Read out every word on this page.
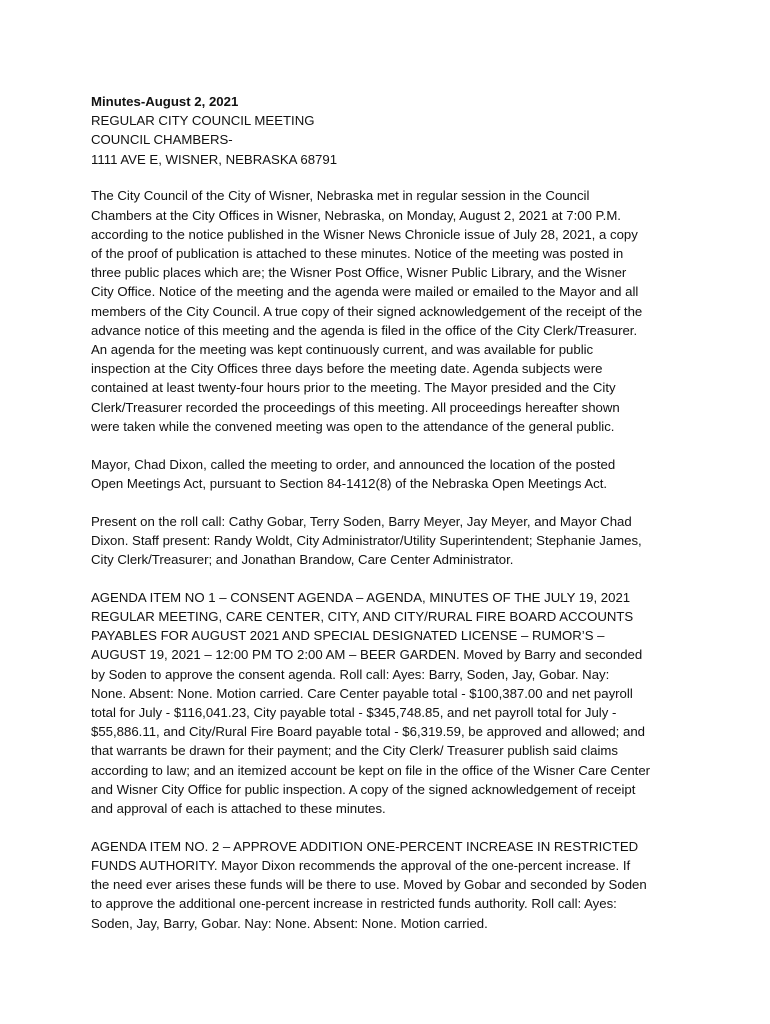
Minutes-August 2, 2021

REGULAR CITY COUNCIL MEETING

COUNCIL CHAMBERS-

1111 AVE E, WISNER, NEBRASKA 68791

The City Council of the City of Wisner, Nebraska met in regular session in the Council

Chambers at the City Offices in Wisner, Nebraska, on Monday, August 2, 2021 at 7:00 P.M.

according to the notice published in the Wisner News Chronicle issue of July 28, 2021, a copy

of the proof of publication is attached to these minutes. Notice of the meeting was posted in

three public places which are; the Wisner Post Office, Wisner Public Library, and the Wisner

City Office. Notice of the meeting and the agenda were mailed or emailed to the Mayor and all

members of the City Council. A true copy of their signed acknowledgement of the receipt of the

advance notice of this meeting and the agenda is filed in the office of the City Clerk/Treasurer.

An agenda for the meeting was kept continuously current, and was available for public

inspection at the City Offices three days before the meeting date. Agenda subjects were

contained at least twenty-four hours prior to the meeting. The Mayor presided and the City

Clerk/Treasurer recorded the proceedings of this meeting. All proceedings hereafter shown

were taken while the convened meeting was open to the attendance of the general public.

Mayor, Chad Dixon, called the meeting to order, and announced the location of the posted

Open Meetings Act, pursuant to Section 84-1412(8) of the Nebraska Open Meetings Act.

Present on the roll call: Cathy Gobar, Terry Soden, Barry Meyer, Jay Meyer, and Mayor Chad

Dixon. Staff present: Randy Woldt, City Administrator/Utility Superintendent; Stephanie James,

City Clerk/Treasurer; and Jonathan Brandow, Care Center Administrator.

AGENDA ITEM NO 1 – CONSENT AGENDA – AGENDA, MINUTES OF THE JULY 19, 2021

REGULAR MEETING, CARE CENTER, CITY, AND CITY/RURAL FIRE BOARD ACCOUNTS

PAYABLES FOR AUGUST 2021 AND SPECIAL DESIGNATED LICENSE – RUMOR’S –

AUGUST 19, 2021 – 12:00 PM TO 2:00 AM – BEER GARDEN. Moved by Barry and seconded

by Soden to approve the consent agenda. Roll call: Ayes: Barry, Soden, Jay, Gobar. Nay:

None. Absent: None. Motion carried. Care Center payable total - $100,387.00 and net payroll

total for July - $116,041.23, City payable total - $345,748.85, and net payroll total for July -

$55,886.11, and City/Rural Fire Board payable total - $6,319.59, be approved and allowed; and

that warrants be drawn for their payment; and the City Clerk/ Treasurer publish said claims

according to law; and an itemized account be kept on file in the office of the Wisner Care Center

and Wisner City Office for public inspection. A copy of the signed acknowledgement of receipt

and approval of each is attached to these minutes.

AGENDA ITEM NO. 2 – APPROVE ADDITION ONE-PERCENT INCREASE IN RESTRICTED

FUNDS AUTHORITY. Mayor Dixon recommends the approval of the one-percent increase. If

the need ever arises these funds will be there to use. Moved by Gobar and seconded by Soden

to approve the additional one-percent increase in restricted funds authority. Roll call: Ayes:

Soden, Jay, Barry, Gobar. Nay: None. Absent: None. Motion carried.
